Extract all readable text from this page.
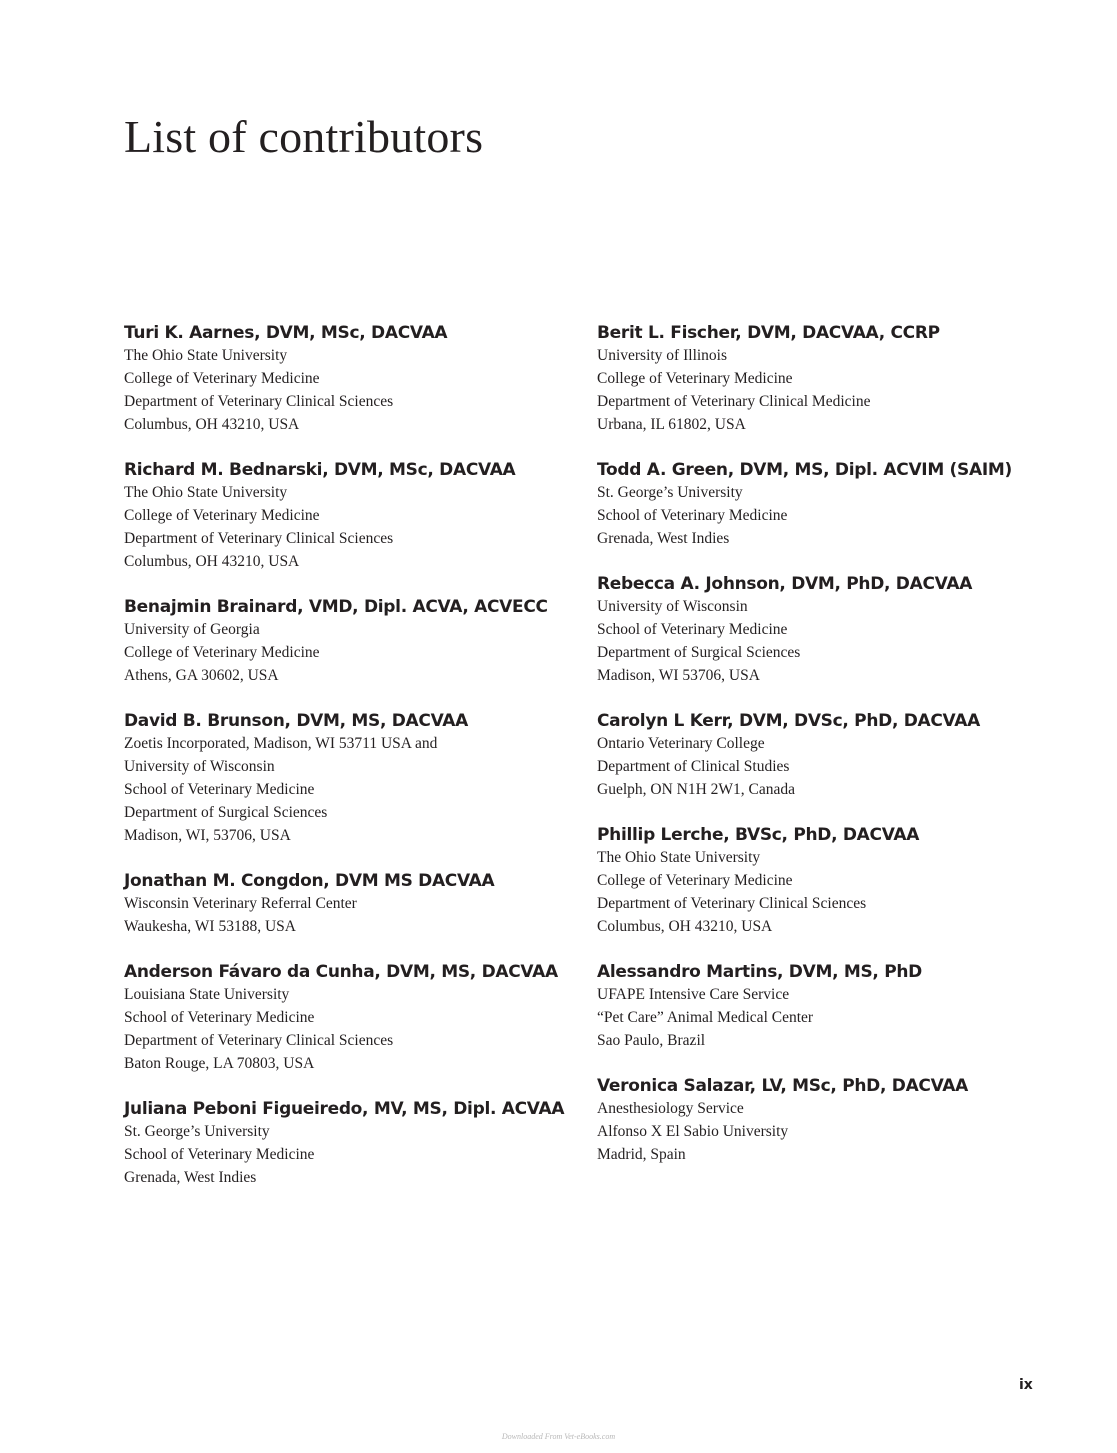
List of contributors
Turi K. Aarnes, DVM, MSc, DACVAA
The Ohio State University
College of Veterinary Medicine
Department of Veterinary Clinical Sciences
Columbus, OH 43210, USA
Richard M. Bednarski, DVM, MSc, DACVAA
The Ohio State University
College of Veterinary Medicine
Department of Veterinary Clinical Sciences
Columbus, OH 43210, USA
Benajmin Brainard, VMD, Dipl. ACVA, ACVECC
University of Georgia
College of Veterinary Medicine
Athens, GA 30602, USA
David B. Brunson, DVM, MS, DACVAA
Zoetis Incorporated, Madison, WI 53711 USA and
University of Wisconsin
School of Veterinary Medicine
Department of Surgical Sciences
Madison, WI, 53706, USA
Jonathan M. Congdon, DVM MS DACVAA
Wisconsin Veterinary Referral Center
Waukesha, WI 53188, USA
Anderson Fávaro da Cunha, DVM, MS, DACVAA
Louisiana State University
School of Veterinary Medicine
Department of Veterinary Clinical Sciences
Baton Rouge, LA 70803, USA
Juliana Peboni Figueiredo, MV, MS, Dipl. ACVAA
St. George’s University
School of Veterinary Medicine
Grenada, West Indies
Berit L. Fischer, DVM, DACVAA, CCRP
University of Illinois
College of Veterinary Medicine
Department of Veterinary Clinical Medicine
Urbana, IL 61802, USA
Todd A. Green, DVM, MS, Dipl. ACVIM (SAIM)
St. George’s University
School of Veterinary Medicine
Grenada, West Indies
Rebecca A. Johnson, DVM, PhD, DACVAA
University of Wisconsin
School of Veterinary Medicine
Department of Surgical Sciences
Madison, WI 53706, USA
Carolyn L Kerr, DVM, DVSc, PhD, DACVAA
Ontario Veterinary College
Department of Clinical Studies
Guelph, ON N1H 2W1, Canada
Phillip Lerche, BVSc, PhD, DACVAA
The Ohio State University
College of Veterinary Medicine
Department of Veterinary Clinical Sciences
Columbus, OH 43210, USA
Alessandro Martins, DVM, MS, PhD
UFAPE Intensive Care Service
“Pet Care” Animal Medical Center
Sao Paulo, Brazil
Veronica Salazar, LV, MSc, PhD, DACVAA
Anesthesiology Service
Alfonso X El Sabio University
Madrid, Spain
ix
Downloaded From Vet-eBooks.com
